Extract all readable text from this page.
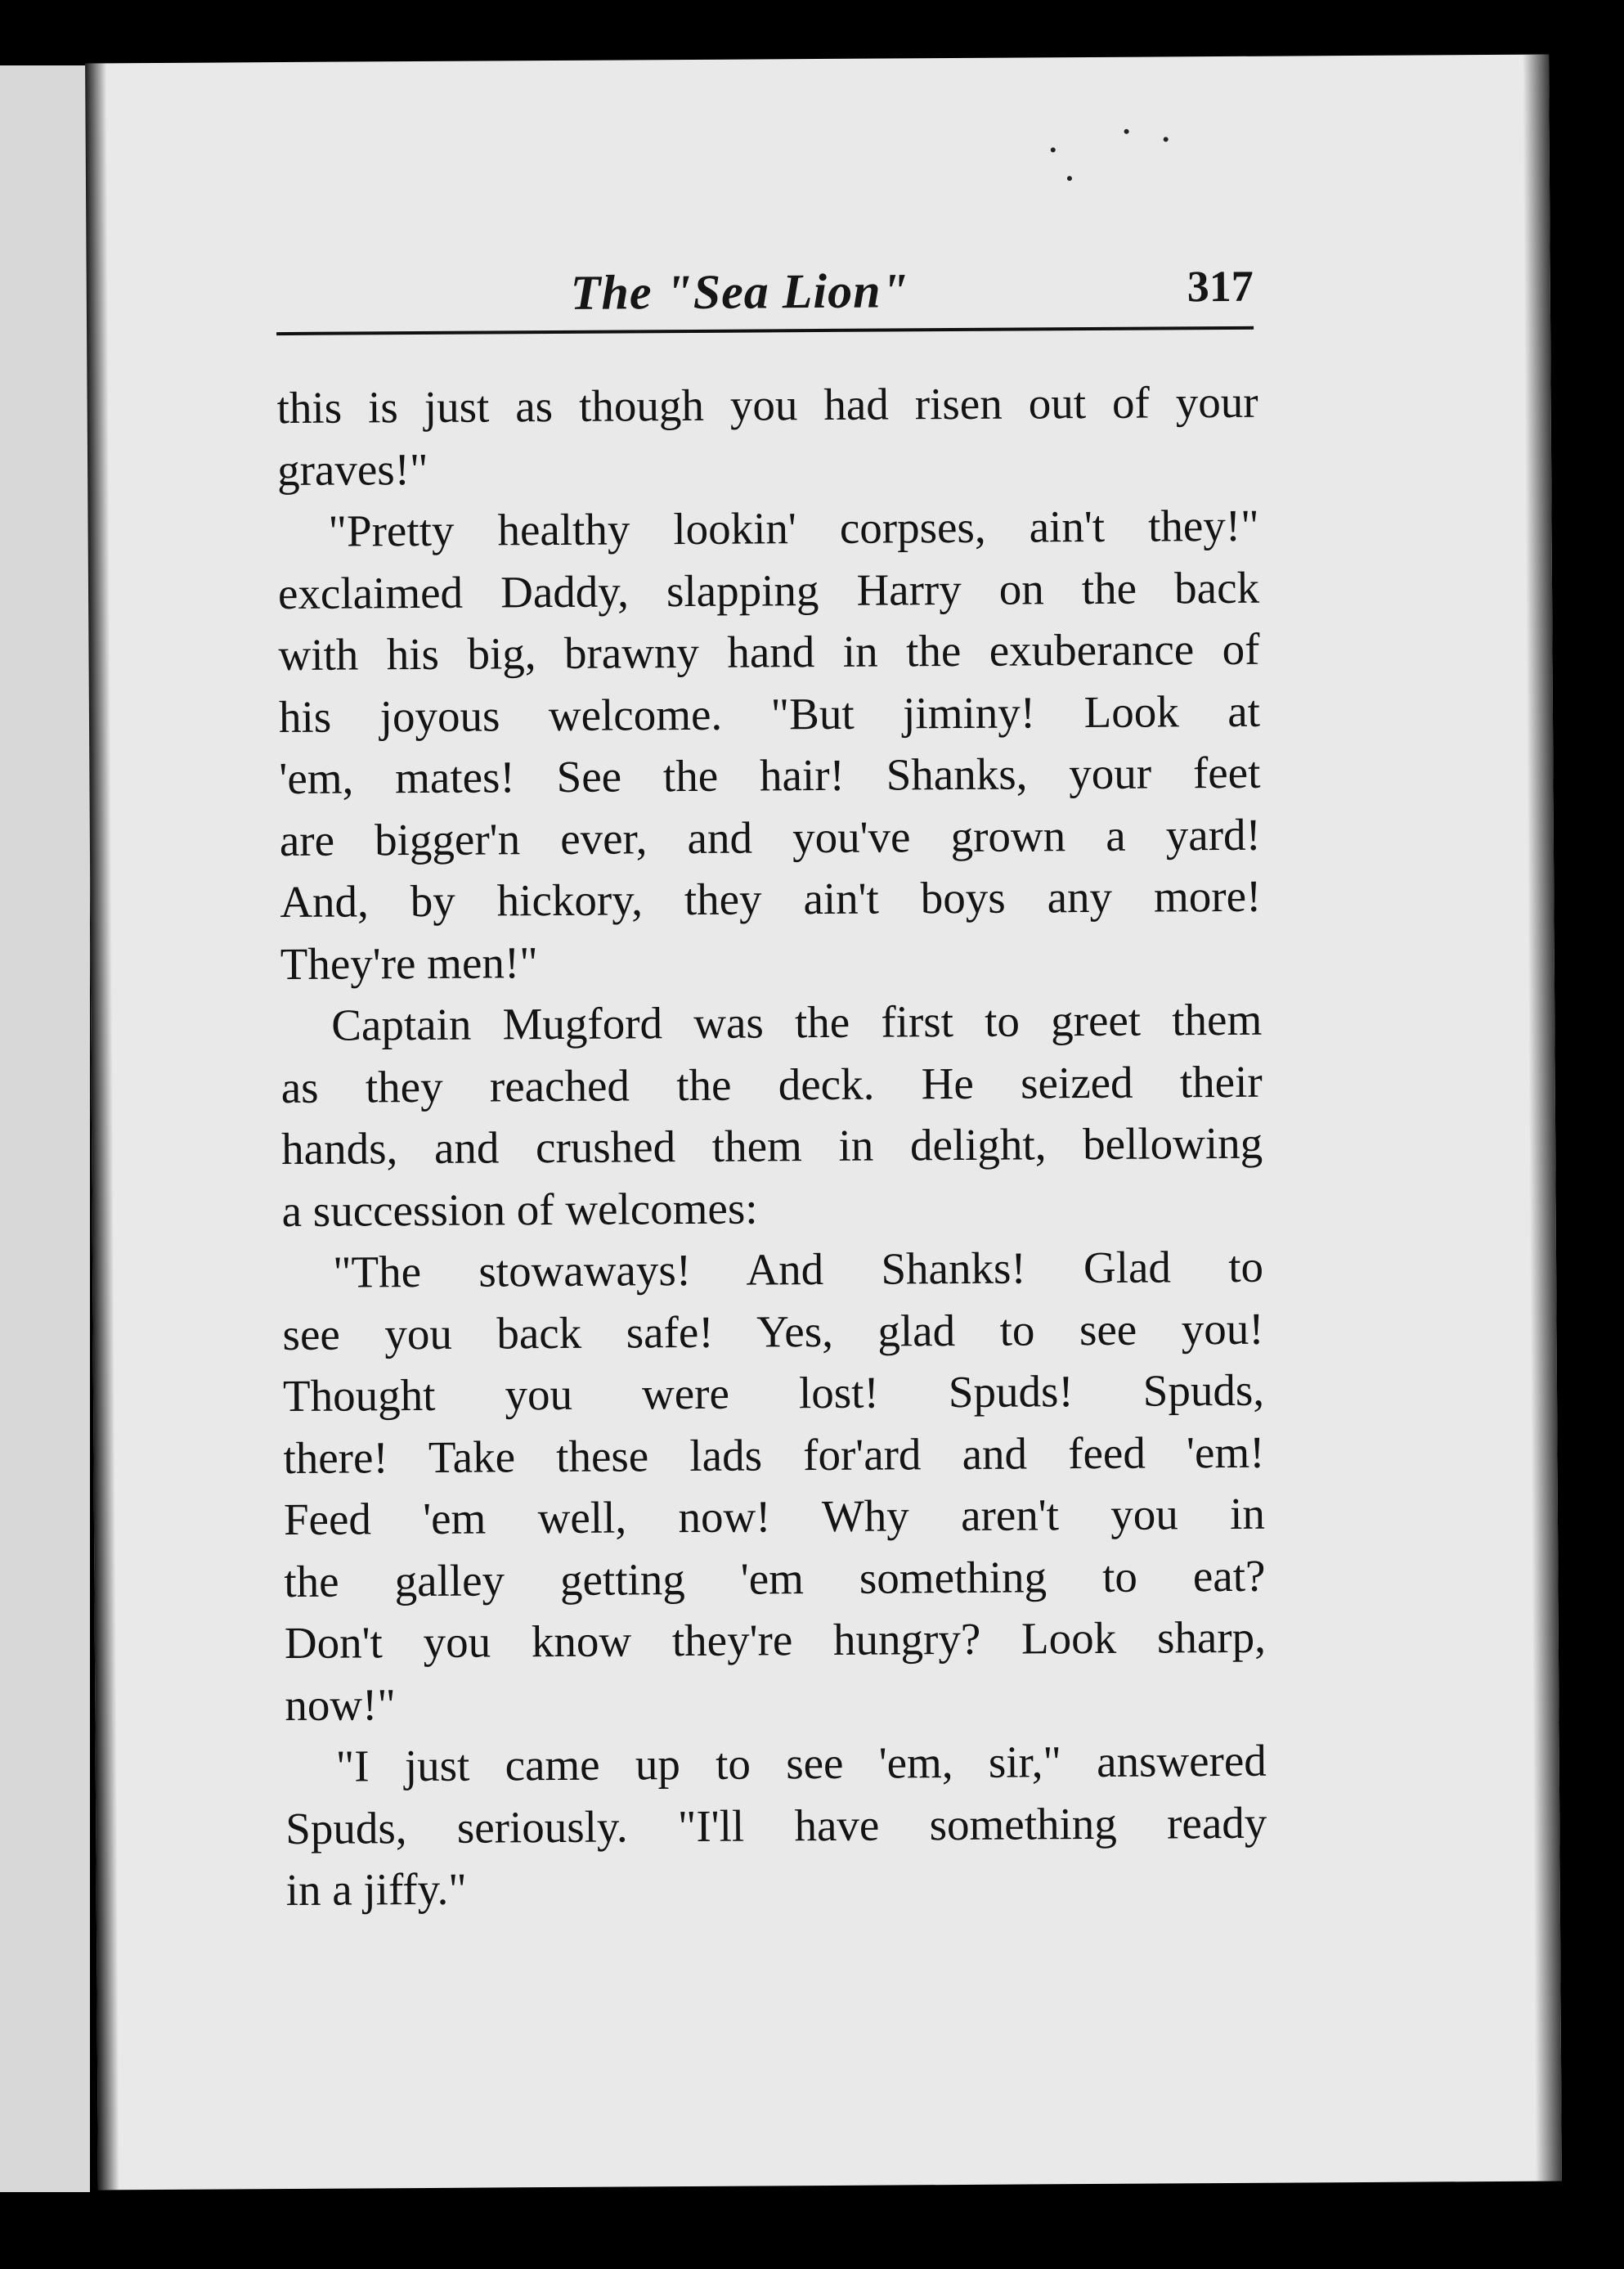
The "Sea Lion"	317
this is just as though you had risen out of your
graves!"
"Pretty healthy lookin' corpses, ain't they!"
exclaimed Daddy, slapping Harry on the back
with his big, brawny hand in the exuberance of
his joyous welcome. "But jiminy! Look at
'em, mates! See the hair! Shanks, your feet
are bigger'n ever, and you've grown a yard!
And, by hickory, they ain't boys any more!
They're men!"
Captain Mugford was the first to greet them
as they reached the deck. He seized their
hands, and crushed them in delight, bellowing
a succession of welcomes:
"The stowaways! And Shanks! Glad to
see you back safe! Yes, glad to see you!
Thought you were lost! Spuds! Spuds,
there! Take these lads for'ard and feed 'em!
Feed 'em well, now! Why aren't you in
the galley getting 'em something to eat?
Don't you know they're hungry? Look sharp,
now!"
"I just came up to see 'em, sir," answered
Spuds, seriously. "I'll have something ready
in a jiffy."
